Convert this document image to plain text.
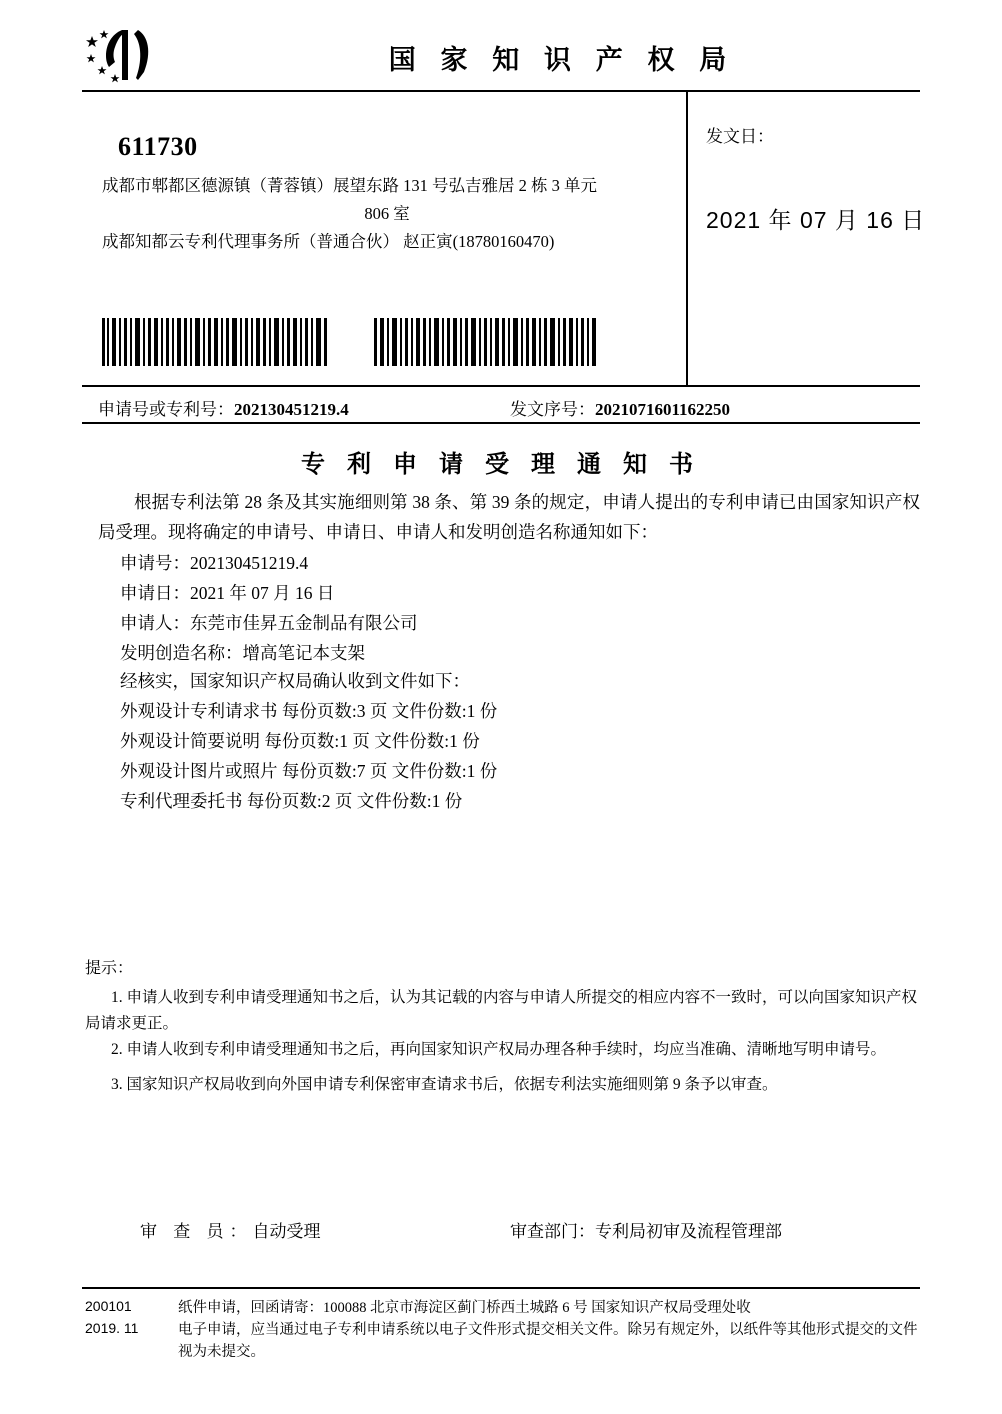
国 家 知 识 产 权 局
611730
成都市郫都区德源镇（菁蓉镇）展望东路 131 号弘吉雅居 2 栋 3 单元
806 室
成都知都云专利代理事务所（普通合伙） 赵正寅(18780160470)
发文日：
2021 年 07 月 16 日
申请号或专利号：202130451219.4	发文序号：2021071601162250
专 利 申 请 受 理 通 知 书
根据专利法第 28 条及其实施细则第 38 条、第 39 条的规定，申请人提出的专利申请已由国家知识产权局受理。现将确定的申请号、申请日、申请人和发明创造名称通知如下：
申请号：202130451219.4
申请日：2021 年 07 月 16 日
申请人：东莞市佳昇五金制品有限公司
发明创造名称：增高笔记本支架
经核实，国家知识产权局确认收到文件如下：
外观设计专利请求书 每份页数:3 页 文件份数:1 份
外观设计简要说明 每份页数:1 页 文件份数:1 份
外观设计图片或照片 每份页数:7 页 文件份数:1 份
专利代理委托书 每份页数:2 页 文件份数:1 份
提示：
1. 申请人收到专利申请受理通知书之后，认为其记载的内容与申请人所提交的相应内容不一致时，可以向国家知识产权局请求更正。
2. 申请人收到专利申请受理通知书之后，再向国家知识产权局办理各种手续时，均应当准确、清晰地写明申请号。
3. 国家知识产权局收到向外国申请专利保密审查请求书后，依据专利法实施细则第 9 条予以审查。
审 查 员：自动受理	审查部门：专利局初审及流程管理部
200101
2019. 11
纸件申请，回函请寄：100088 北京市海淀区蓟门桥西土城路 6 号 国家知识产权局受理处收
电子申请，应当通过电子专利申请系统以电子文件形式提交相关文件。除另有规定外，以纸件等其他形式提交的文件视为未提交。
